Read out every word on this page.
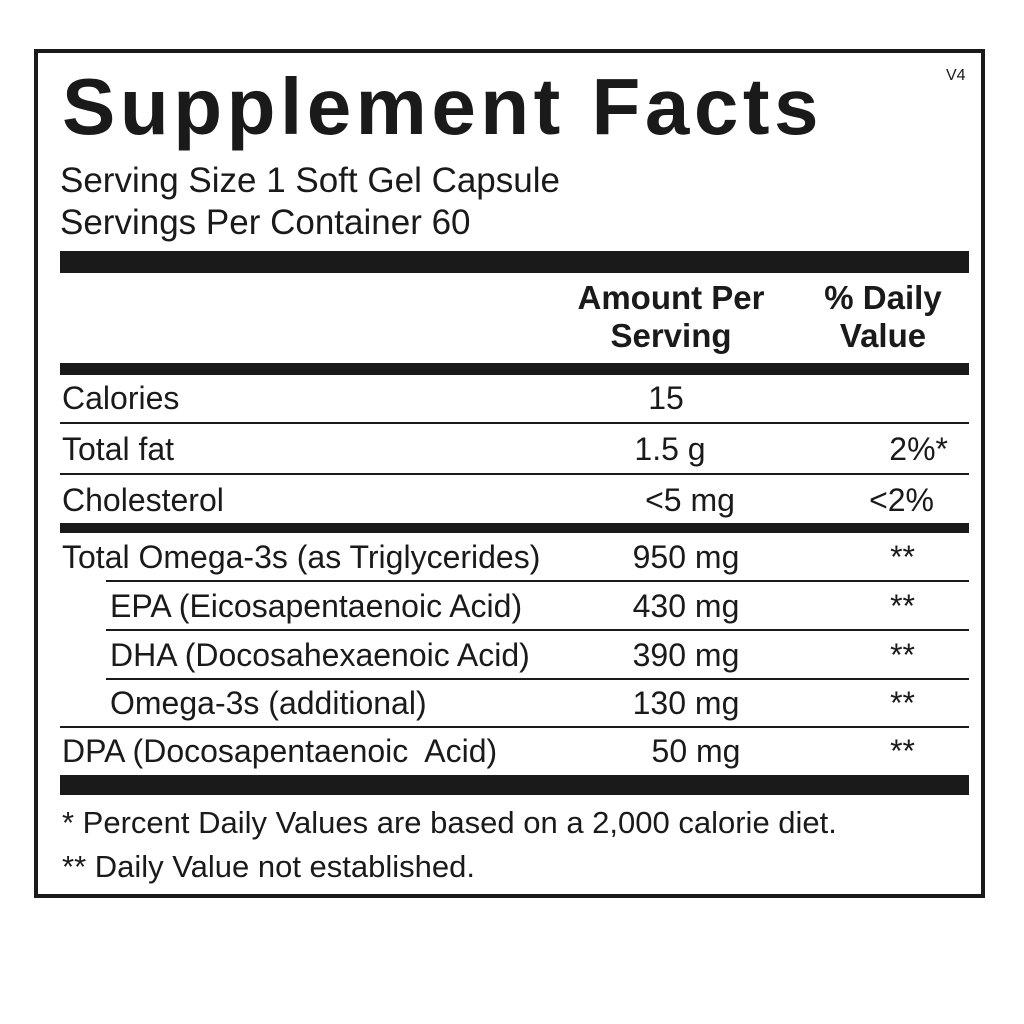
Supplement Facts	V4
Serving Size 1 Soft Gel Capsule
Servings Per Container 60
Amount Per
Serving
% Daily
Value
Calories	15
Total fat	1.5 g	2%*
Cholesterol	<5 mg	<2%
Total Omega-3s (as Triglycerides)	950 mg	**
EPA (Eicosapentaenoic Acid)	430 mg	**
DHA (Docosahexaenoic Acid)	390 mg	**
Omega-3s (additional)	130 mg	**
DPA (Docosapentaenoic  Acid)	50 mg	**
* Percent Daily Values are based on a 2,000 calorie diet.
** Daily Value not established.
